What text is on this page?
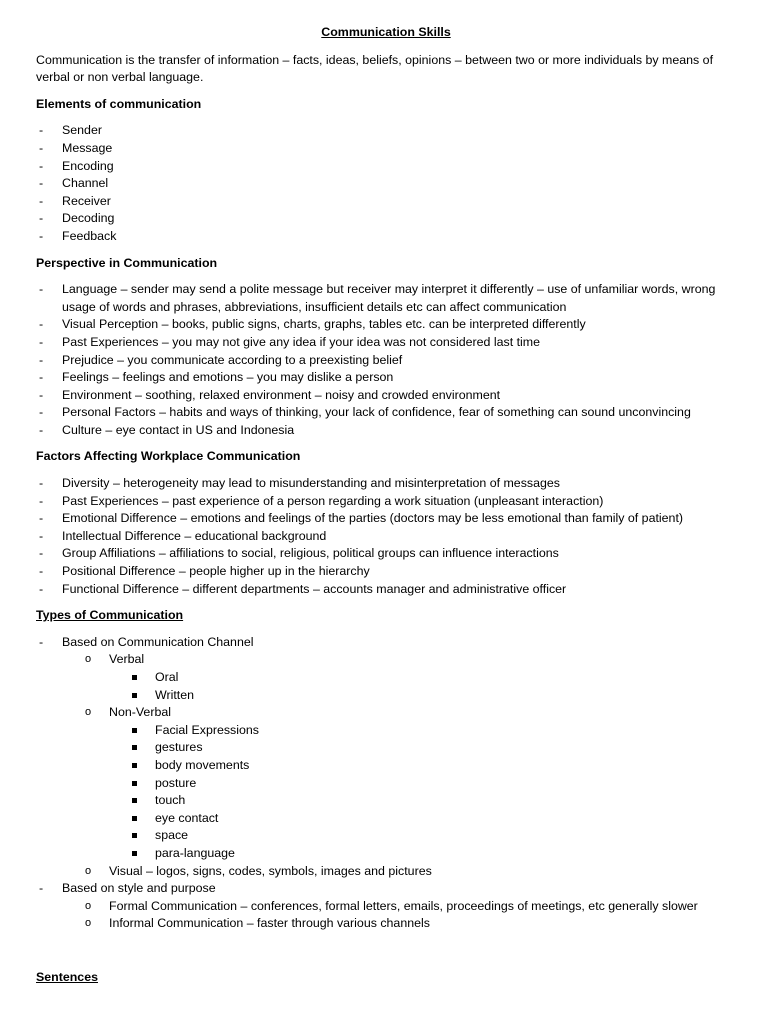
Communication Skills
Communication is the transfer of information – facts, ideas, beliefs, opinions – between two or more individuals by means of verbal or non verbal language.
Elements of communication
- Sender
- Message
- Encoding
- Channel
- Receiver
- Decoding
- Feedback
Perspective in Communication
- Language – sender may send a polite message but receiver may interpret it differently – use of unfamiliar words, wrong usage of words and phrases, abbreviations, insufficient details etc can affect communication
- Visual Perception – books, public signs, charts, graphs, tables etc. can be interpreted differently
- Past Experiences – you may not give any idea if your idea was not considered last time
- Prejudice – you communicate according to a preexisting belief
- Feelings – feelings and emotions – you may dislike a person
- Environment – soothing, relaxed environment – noisy and crowded environment
- Personal Factors – habits and ways of thinking, your lack of confidence, fear of something can sound unconvincing
- Culture – eye contact in US and Indonesia
Factors Affecting Workplace Communication
- Diversity – heterogeneity may lead to misunderstanding and misinterpretation of messages
- Past Experiences – past experience of a person regarding a work situation (unpleasant interaction)
- Emotional Difference – emotions and feelings of the parties (doctors may be less emotional than family of patient)
- Intellectual Difference – educational background
- Group Affiliations – affiliations to social, religious, political groups can influence interactions
- Positional Difference – people higher up in the hierarchy
- Functional Difference – different departments – accounts manager and administrative officer
Types of Communication
- Based on Communication Channel
o Verbal
Oral
Written
o Non-Verbal
Facial Expressions
gestures
body movements
posture
touch
eye contact
space
para-language
o Visual – logos, signs, codes, symbols, images and pictures
- Based on style and purpose
o Formal Communication – conferences, formal letters, emails, proceedings of meetings, etc generally slower
o Informal Communication – faster through various channels
Sentences
